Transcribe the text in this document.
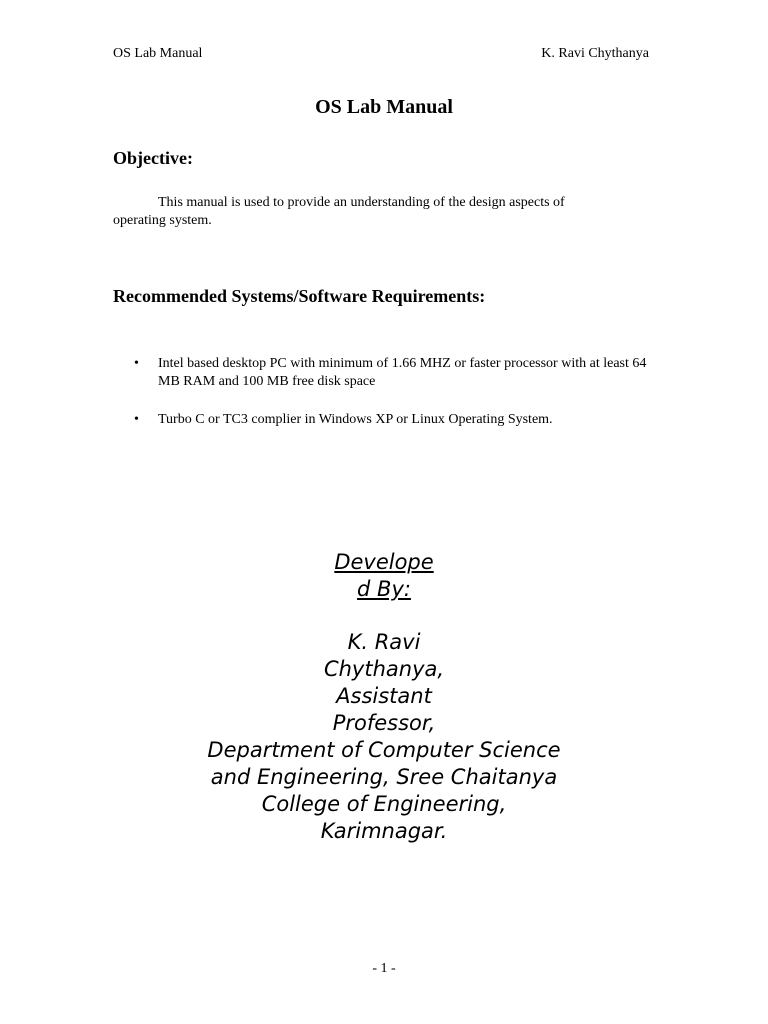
OS Lab Manual	K. Ravi Chythanya
OS Lab Manual
Objective:
This manual is used to provide an understanding of the design aspects of operating system.
Recommended Systems/Software Requirements:
• Intel based desktop PC with minimum of 1.66 MHZ or faster processor with at least 64 MB RAM and 100 MB free disk space
• Turbo C or TC3 complier in Windows XP or Linux Operating System.
Develope
d By:
K. Ravi
Chythanya,
Assistant
Professor,
Department of Computer Science
and Engineering, Sree Chaitanya
College of Engineering,
Karimnagar.
- 1 -
